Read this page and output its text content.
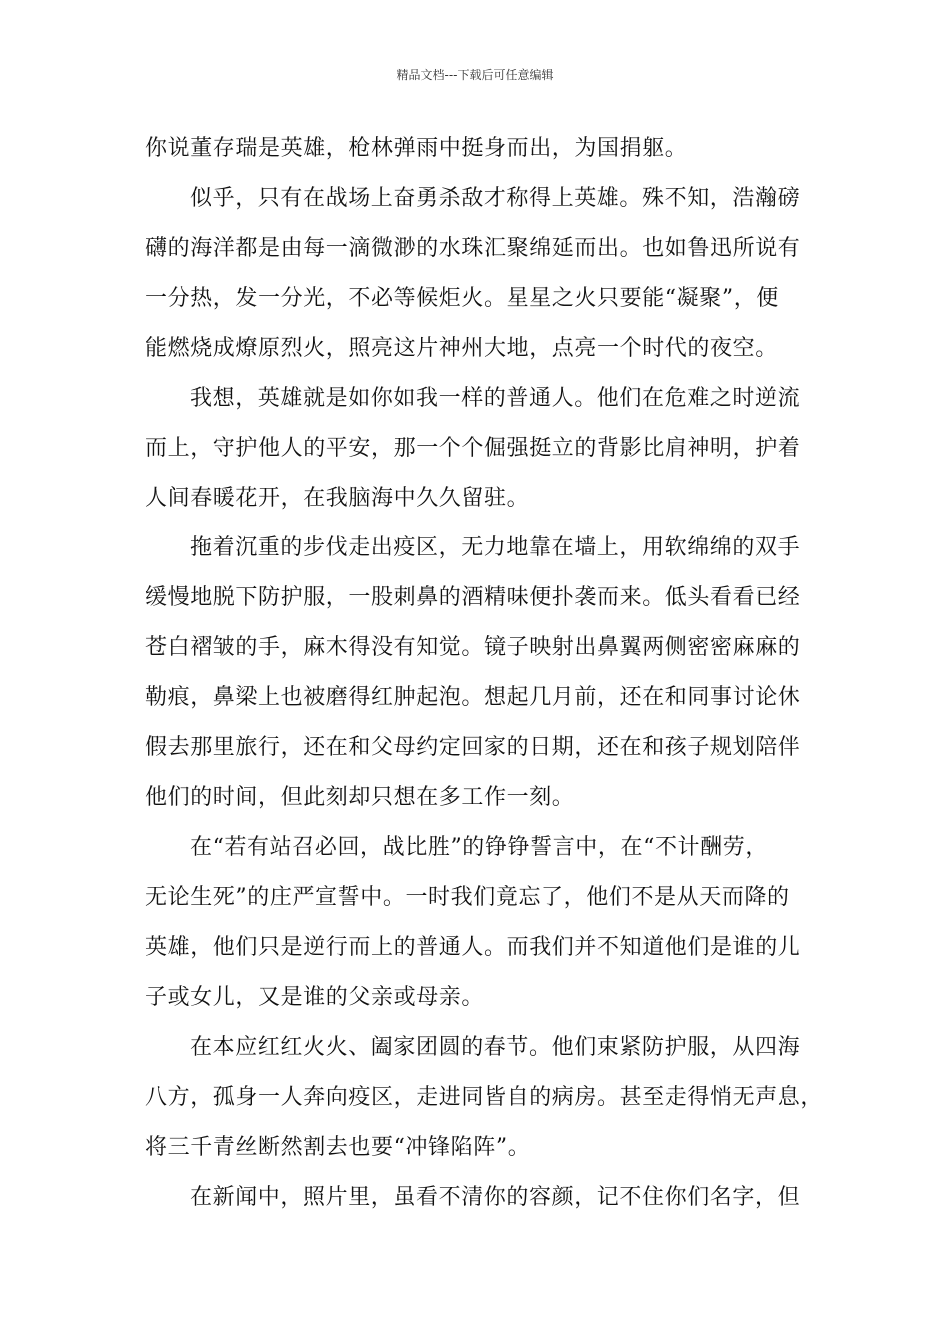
精品文档---下载后可任意编辑
你说董存瑞是英雄，枪林弹雨中挺身而出，为国捐躯。
似乎，只有在战场上奋勇杀敌才称得上英雄。殊不知，浩瀚磅
礴的海洋都是由每一滴微渺的水珠汇聚绵延而出。也如鲁迅所说有
一分热，发一分光，不必等候炬火。星星之火只要能“凝聚”，便
能燃烧成燎原烈火，照亮这片神州大地，点亮一个时代的夜空。
我想，英雄就是如你如我一样的普通人。他们在危难之时逆流
而上，守护他人的平安，那一个个倔强挺立的背影比肩神明，护着
人间春暖花开，在我脑海中久久留驻。
拖着沉重的步伐走出疫区，无力地靠在墙上，用软绵绵的双手
缓慢地脱下防护服，一股刺鼻的酒精味便扑袭而来。低头看看已经
苍白褶皱的手，麻木得没有知觉。镜子映射出鼻翼两侧密密麻麻的
勒痕，鼻梁上也被磨得红肿起泡。想起几月前，还在和同事讨论休
假去那里旅行，还在和父母约定回家的日期，还在和孩子规划陪伴
他们的时间，但此刻却只想在多工作一刻。
在“若有站召必回，战比胜”的铮铮誓言中，在“不计酬劳，
无论生死”的庄严宣誓中。一时我们竟忘了，他们不是从天而降的
英雄，他们只是逆行而上的普通人。而我们并不知道他们是谁的儿
子或女儿，又是谁的父亲或母亲。
在本应红红火火、阖家团圆的春节。他们束紧防护服，从四海
八方，孤身一人奔向疫区，走进同皆自的病房。甚至走得悄无声息，
将三千青丝断然割去也要“冲锋陷阵”。
在新闻中，照片里，虽看不清你的容颜，记不住你们名字，但
